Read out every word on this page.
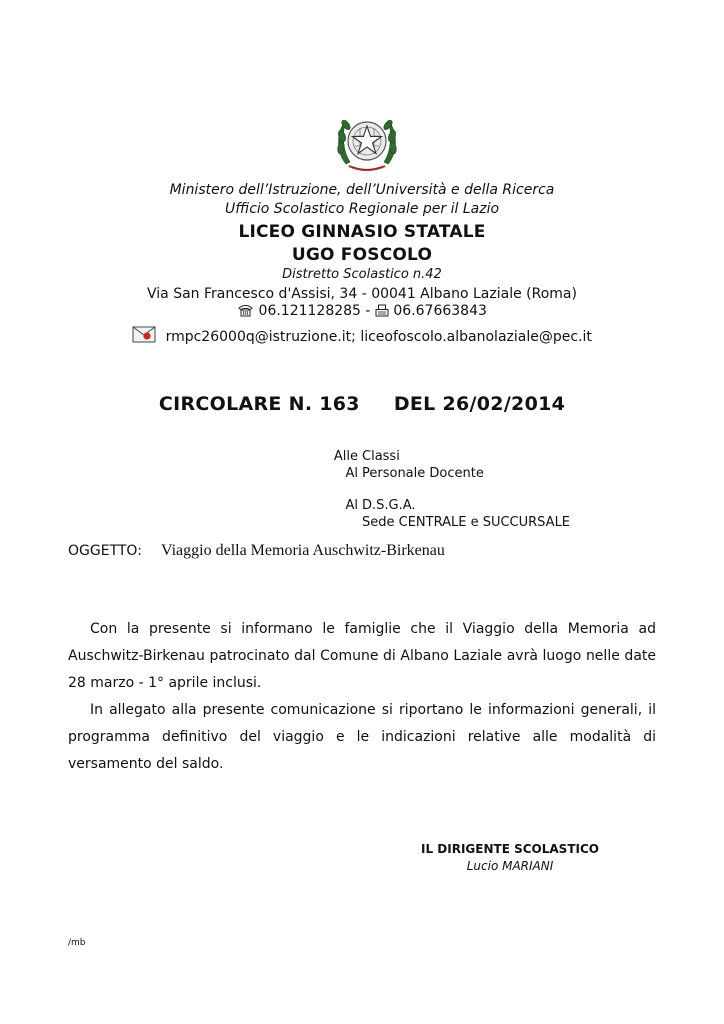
Ministero dell’Istruzione, dell’Università e della Ricerca
Ufficio Scolastico Regionale per il Lazio
LICEO GINNASIO STATALE
UGO FOSCOLO
Distretto Scolastico n.42
Via San Francesco d'Assisi, 34 - 00041 Albano Laziale (Roma)
06.121128285 -  06.67663843
rmpc26000q@istruzione.it; liceofoscolo.albanolaziale@pec.it
CIRCOLARE N. 163 DEL 26/02/2014
Alle Classi
Al Personale Docente
Al D.S.G.A.
Sede CENTRALE e SUCCURSALE
OGGETTO: Viaggio della Memoria Auschwitz-Birkenau

Con la presente si informano le famiglie che il Viaggio della Memoria ad Auschwitz-Birkenau patrocinato dal Comune di Albano Laziale avrà luogo nelle date 28 marzo - 1° aprile inclusi.

In allegato alla presente comunicazione si riportano le informazioni generali, il programma definitivo del viaggio e le indicazioni relative alle modalità di versamento del saldo.

IL DIRIGENTE SCOLASTICO
Lucio MARIANI
/mb
